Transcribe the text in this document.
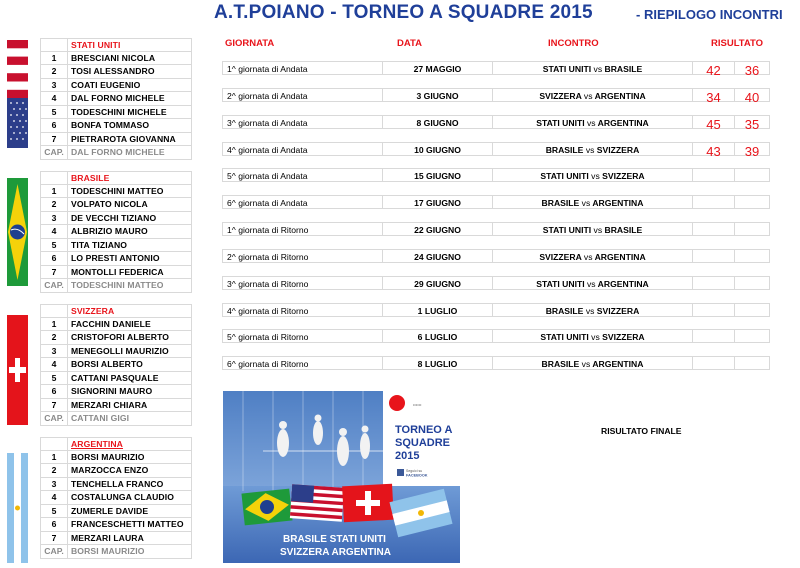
A.T.POIANO - TORNEO A SQUADRE 2015	- RIEPILOGO INCONTRI
STATI UNITI
1	BRESCIANI NICOLA
2	TOSI ALESSANDRO
3	COATI EUGENIO
4	DAL FORNO MICHELE
5	TODESCHINI MICHELE
6	BONFA TOMMASO
7	PIETRAROTA GIOVANNA
CAP. DAL FORNO MICHELE
BRASILE
1	TODESCHINI MATTEO
2	VOLPATO NICOLA
3	DE VECCHI TIZIANO
4	ALBRIZIO MAURO
5	TITA TIZIANO
6	LO PRESTI ANTONIO
7	MONTOLLI FEDERICA
CAP. TODESCHINI MATTEO
SVIZZERA
1	FACCHIN DANIELE
2	CRISTOFORI ALBERTO
3	MENEGOLLI MAURIZIO
4	BORSI ALBERTO
5	CATTANI PASQUALE
6	SIGNORINI MAURO
7	MERZARI CHIARA
CAP. CATTANI GIGI
ARGENTINA
1	BORSI MAURIZIO
2	MARZOCCA ENZO
3	TENCHELLA FRANCO
4	COSTALUNGA CLAUDIO
5	ZUMERLE DAVIDE
6	FRANCESCHETTI MATTEO
7	MERZARI LAURA
CAP. BORSI MAURIZIO
GIORNATA	DATA	INCONTRO	RISULTATO
1^ giornata di Andata	27 MAGGIO	STATI UNITI vs BRASILE	42	36
2^ giornata di Andata	3 GIUGNO	SVIZZERA vs ARGENTINA	34	40
3^ giornata di Andata	8 GIUGNO	STATI UNITI vs ARGENTINA	45	35
4^ giornata di Andata	10 GIUGNO	BRASILE vs SVIZZERA	43	39
5^ giornata di Andata	15 GIUGNO	STATI UNITI vs SVIZZERA
6^ giornata di Andata	17 GIUGNO	BRASILE vs ARGENTINA
1^ giornata di Ritorno	22 GIUGNO	STATI UNITI vs BRASILE
2^ giornata di Ritorno	24 GIUGNO	SVIZZERA vs ARGENTINA
3^ giornata di Ritorno	29 GIUGNO	STATI UNITI vs ARGENTINA
4^ giornata di Ritorno	1 LUGLIO	BRASILE vs SVIZZERA
5^ giornata di Ritorno	6 LUGLIO	STATI UNITI vs SVIZZERA
6^ giornata di Ritorno	8 LUGLIO	BRASILE vs ARGENTINA
RISULTATO FINALE
••••••
TORNEO A
SQUADRE
2015
Seguici su
FACEBOOK
BRASILE STATI UNITI
SVIZZERA ARGENTINA
